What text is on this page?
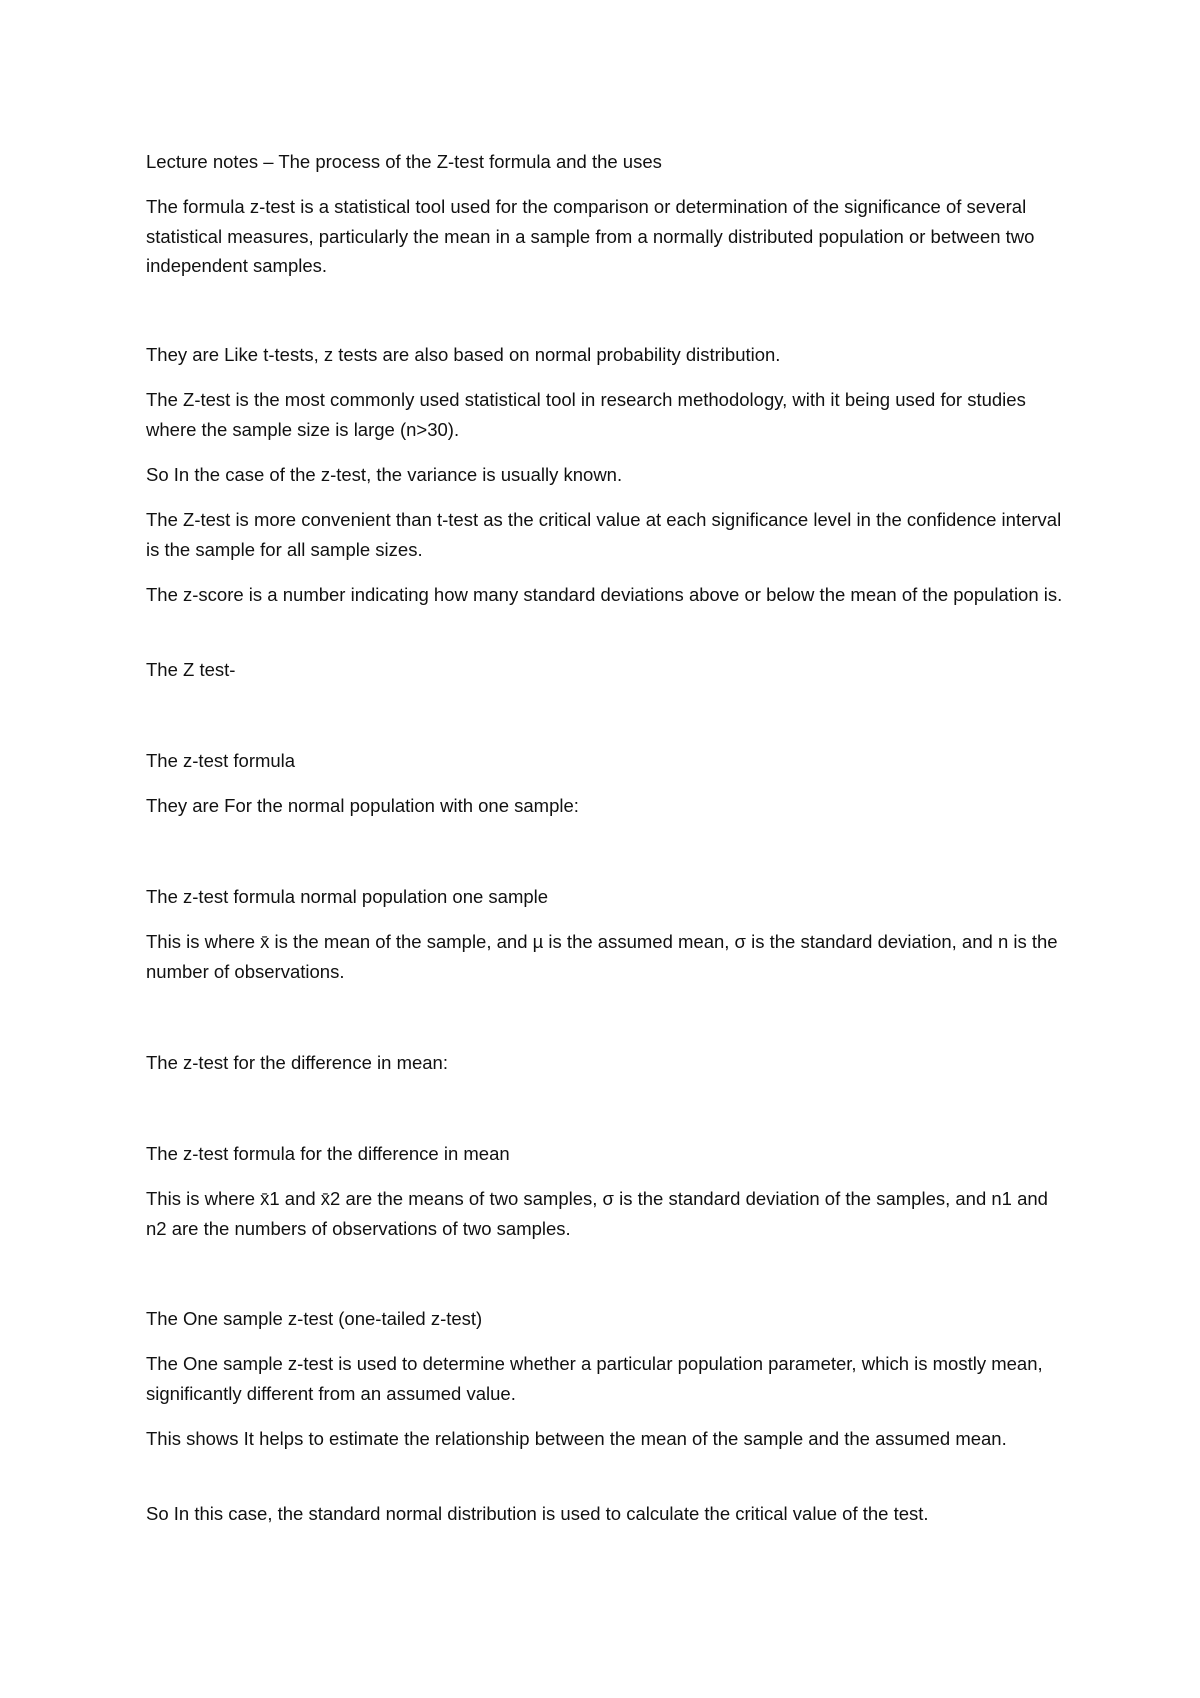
Lecture notes – The process of the Z-test formula and the uses

The formula z-test is a statistical tool used for the comparison or determination of the significance of several statistical measures, particularly the mean in a sample from a normally distributed population or between two independent samples.

They are Like t-tests, z tests are also based on normal probability distribution.

The Z-test is the most commonly used statistical tool in research methodology, with it being used for studies where the sample size is large (n>30).

So In the case of the z-test, the variance is usually known.

The Z-test is more convenient than t-test as the critical value at each significance level in the confidence interval is the sample for all sample sizes.

The z-score is a number indicating how many standard deviations above or below the mean of the population is.

The Z test-

The z-test formula

They are For the normal population with one sample:

The z-test formula normal population one sample

This is where x̄ is the mean of the sample, and µ is the assumed mean, σ is the standard deviation, and n is the number of observations.

The z-test for the difference in mean:

The z-test formula for the difference in mean

This is where x̄1 and x̄2 are the means of two samples, σ is the standard deviation of the samples, and n1 and n2 are the numbers of observations of two samples.

The One sample z-test (one-tailed z-test)

The One sample z-test is used to determine whether a particular population parameter, which is mostly mean, significantly different from an assumed value.

This shows It helps to estimate the relationship between the mean of the sample and the assumed mean.

So In this case, the standard normal distribution is used to calculate the critical value of the test.
